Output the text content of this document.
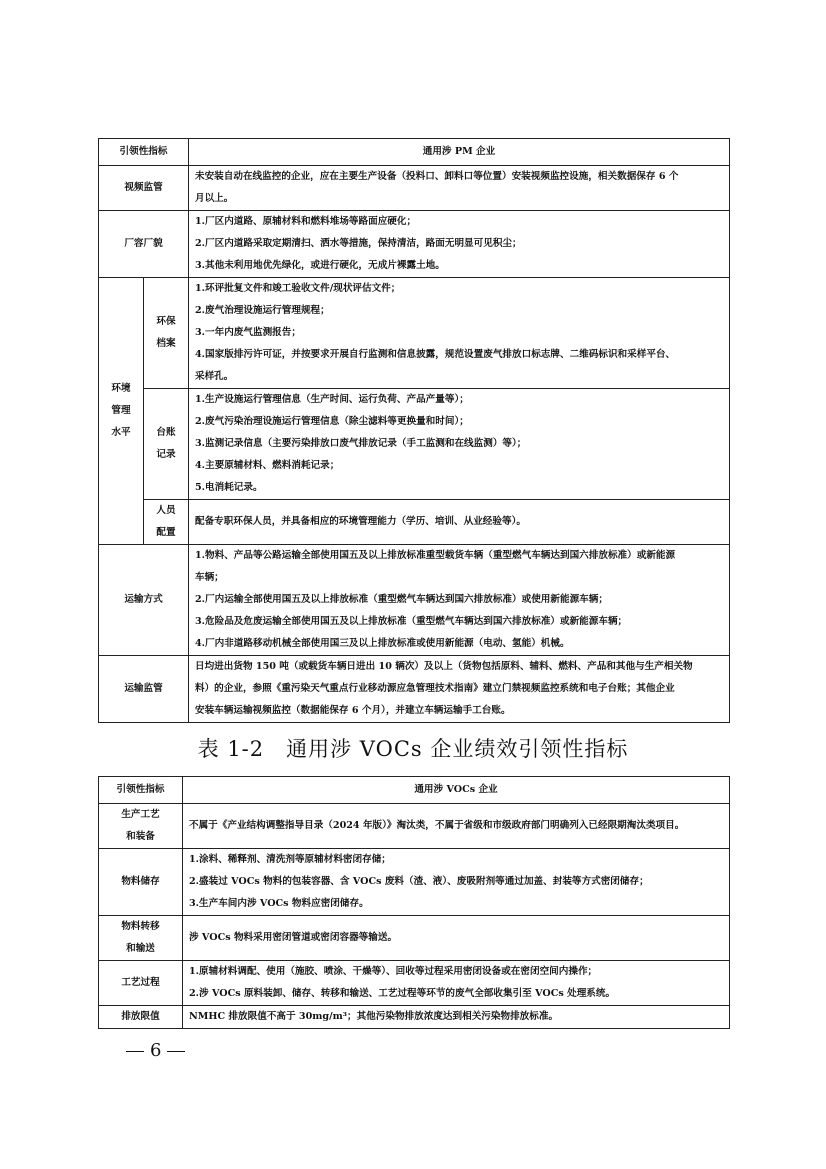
引领性指标		通用涉 PM 企业
视频监管		未安装自动在线监控的企业，应在主要生产设备（投料口、卸料口等位置）安装视频监控设施，相关数据保存 6 个
月以上。

厂容厂貌		1.厂区内道路、原辅材料和燃料堆场等路面应硬化；
2.厂区内道路采取定期清扫、洒水等措施，保持清洁，路面无明显可见积尘；
3.其他未利用地优先绿化，或进行硬化，无成片裸露土地。

环境
管理
水平	环保
档案	1.环评批复文件和竣工验收文件/现状评估文件；
2.废气治理设施运行管理规程；
3.一年内废气监测报告；
4.国家版排污许可证，并按要求开展自行监测和信息披露，规范设置废气排放口标志牌、二维码标识和采样平台、
采样孔。

	台账
记录	1.生产设施运行管理信息（生产时间、运行负荷、产品产量等）；
2.废气污染治理设施运行管理信息（除尘滤料等更换量和时间）；
3.监测记录信息（主要污染排放口废气排放记录（手工监测和在线监测）等）；
4.主要原辅材料、燃料消耗记录；
5.电消耗记录。

	人员
配置	配备专职环保人员，并具备相应的环境管理能力（学历、培训、从业经验等）。

运输方式		1.物料、产品等公路运输全部使用国五及以上排放标准重型载货车辆（重型燃气车辆达到国六排放标准）或新能源
车辆；
2.厂内运输全部使用国五及以上排放标准（重型燃气车辆达到国六排放标准）或使用新能源车辆；
3.危险品及危废运输全部使用国五及以上排放标准（重型燃气车辆达到国六排放标准）或新能源车辆；
4.厂内非道路移动机械全部使用国三及以上排放标准或使用新能源（电动、氢能）机械。

运输监管		日均进出货物 150 吨（或载货车辆日进出 10 辆次）及以上（货物包括原料、辅料、燃料、产品和其他与生产相关物
料）的企业，参照《重污染天气重点行业移动源应急管理技术指南》建立门禁视频监控系统和电子台账；其他企业
安装车辆运输视频监控（数据能保存 6 个月），并建立车辆运输手工台账。
表 1-2　通用涉 VOCs 企业绩效引领性指标
引领性指标	通用涉 VOCs 企业

生产工艺
和装备	不属于《产业结构调整指导目录（2024 年版）》淘汰类，不属于省级和市级政府部门明确列入已经限期淘汰类项目。

物料储存	1.涂料、稀释剂、清洗剂等原辅材料密闭存储；
2.盛装过 VOCs 物料的包装容器、含 VOCs 废料（渣、液）、废吸附剂等通过加盖、封装等方式密闭储存；
3.生产车间内涉 VOCs 物料应密闭储存。

物料转移
和输送	涉 VOCs 物料采用密闭管道或密闭容器等输送。

工艺过程	1.原辅材料调配、使用（施胶、喷涂、干燥等）、回收等过程采用密闭设备或在密闭空间内操作；
2.涉 VOCs 原料装卸、储存、转移和输送、工艺过程等环节的废气全部收集引至 VOCs 处理系统。

排放限值	NMHC 排放限值不高于 30mg/m³；其他污染物排放浓度达到相关污染物排放标准。
6
